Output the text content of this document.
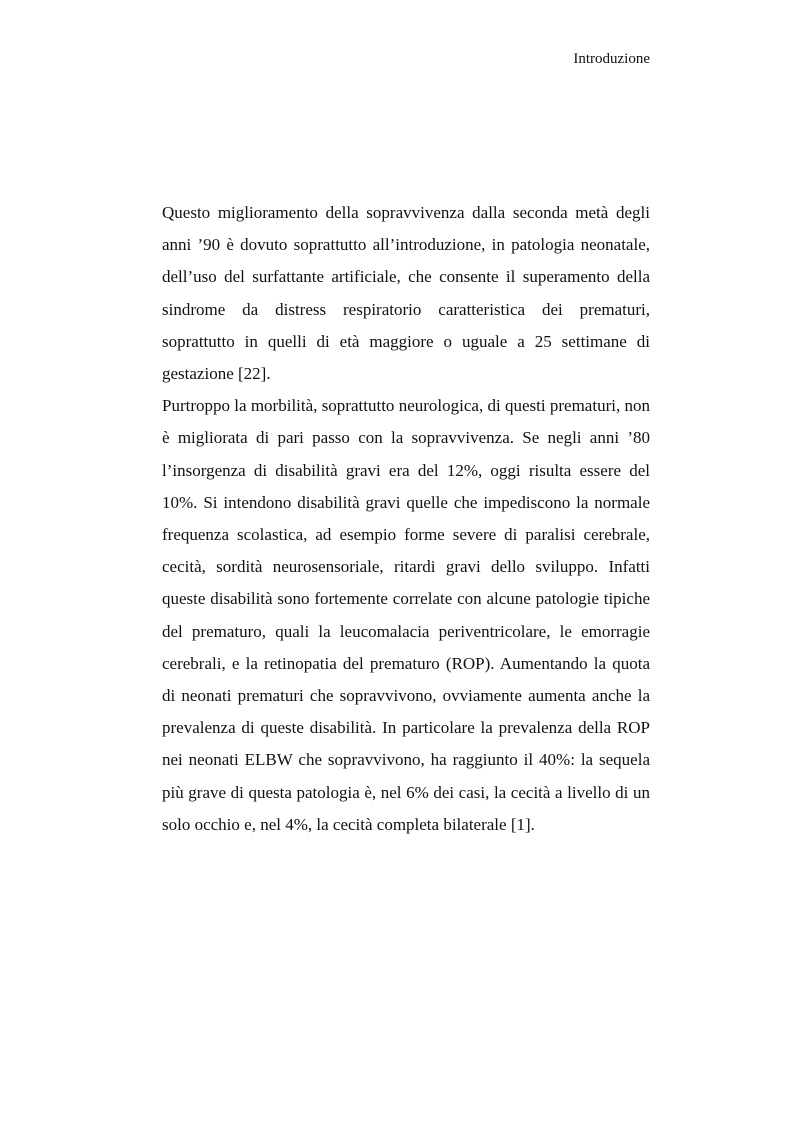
Introduzione

Questo miglioramento della sopravvivenza dalla seconda metà degli anni ’90 è dovuto soprattutto all’introduzione, in patologia neonatale, dell’uso del surfattante artificiale, che consente il superamento della sindrome da distress respiratorio caratteristica dei prematuri, soprattutto in quelli di età maggiore o uguale a 25 settimane di gestazione [22].

Purtroppo la morbilità, soprattutto neurologica, di questi prematuri, non è migliorata di pari passo con la sopravvivenza. Se negli anni ’80 l’insorgenza di disabilità gravi era del 12%, oggi risulta essere del 10%. Si intendono disabilità gravi quelle che impediscono la normale frequenza scolastica, ad esempio forme severe di paralisi cerebrale, cecità, sordità neurosensoriale, ritardi gravi dello sviluppo. Infatti queste disabilità sono fortemente correlate con alcune patologie tipiche del prematuro, quali la leucomalacia periventricolare, le emorragie cerebrali, e la retinopatia del prematuro (ROP). Aumentando la quota di neonati prematuri che sopravvivono, ovviamente aumenta anche la prevalenza di queste disabilità. In particolare la prevalenza della ROP nei neonati ELBW che sopravvivono, ha raggiunto il 40%: la sequela più grave di questa patologia è, nel 6% dei casi, la cecità a livello di un solo occhio e, nel 4%, la cecità completa bilaterale [1].
